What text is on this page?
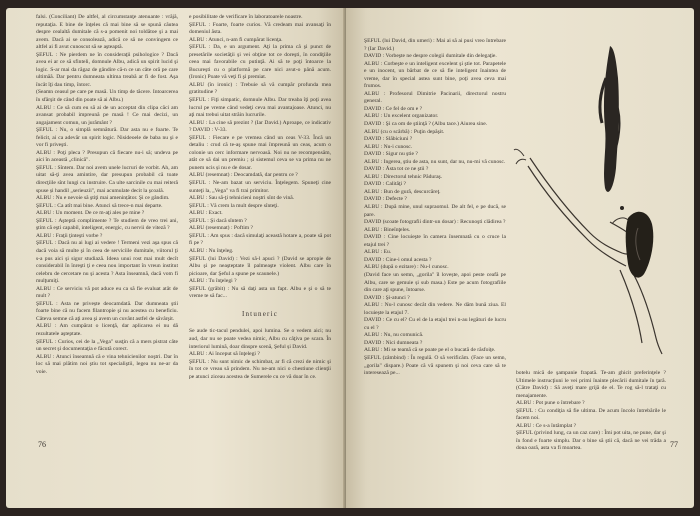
falsi. (Conciliant) De altfel, al circumstanţe atenuante : vrăjă, reputaţia. E bine de înţeles că mai bine să se spună căutea despre cealaltă dumitale că s-a pomenit noi toldătoe şi a mai avem. Dacă ai se consolează, adică ce să ne convingem ce altfel ai fi avut cunoscut să se aşteaptă.

ŞEFUL : Ne pierdem ne în consideraţii psihologice ? Dacă avea ei ar ce să sfinteli, domnule Albu, adică un spirit lucid şi logic. S-ar mai da răgaz de gândire că-n ce un câte oră pe care ultimăă. Dar pentru dumneata ultima treabă ar fi de fost. Aşa încât îţi dau timp, întorc.

(Seamn ceasul pe care pe masă. Un timp de tăcere. Intoarcerea în sfârşit de când din poate să ai Albu.)

ALBU : Ce să cum eu să ai de un acceptat din clipa căci am avansat probabil impreună pe masă ! Ce mai decizi, un angajament comun, un jurământ ?

ŞEFUL : Nu, o simplă semnătură. Dar asta nu e foarte. Te felicit, ai ca adevăr un spirit logic. Nisideoele de baba nu şi e vor fi priveşti.

ALBU : Poţi pleca ? Presupun că fiecare nu-i să; undeva pe aici în această „clinică".

ŞEFUL : Sîntem. Dar noi avem unele lucruri de vorbit. Ah, am uitat să-ţi avea amintire, dar presupun probabil că toate direcţiile sînt lungi cu instruire. Ca ulte sarcinile cu mai reiteră spuse și handil „serieuzii", mai acumulate decit la şcoală.

ALBU : Nu e nevoie să ştiţi mai amenințător. Şi ce gândim.

ŞEFUL : Ca atît mai bine. Atunci să trece-n mai departe.

ALBU : Un moment. De ce m-aţi ales pe mine ?

ŞEFUL : Aşteptă complimente ? Te studiem de vreo trei ani, ştim că eşti capabil, inteligent, energic, cu nervii de viteză ?

ALBU : Fraţii ţinteşti vorbe ?

ŞEFUL : Dacă nu ai lugi ai vedere ! Termeni vezi aşa spus că dacă voia să multe şi în ceea de serviciile dumitale, viitorul ţi s-a pus aici şi sigur studiază. Ideea unui rost mai mult decît considerabil în înreşti ţi e ceea nou important în vreun institut celebru de cercetare nu şi acesta ? Asta înseamnă, dacă vom fi mulţumiţi.

ALBU : Ce serviciu vă pot aduce eu ca să fie evaluat atât de mult ?

ŞEFUL : Asta ne privește deocamdată. Dar dumneata ştii foarte bine că nu facem filantropie şi nu acestea cu beneficiu. Câteva semne că aţi avea şi avem un cuvânt astfel de săvârşit.

ALBU : Am cumpărat o licenţă, dar aplicarea ei nu dă rezultatele aşteptate.

ŞEFUL : Curios, cei de la „Vega" susţin că a mers pistrat câte un secret şi documentaţia e făcută corect.

ALBU : Atunci înseamnă că e vina tehnicienilor noştri. Dar în loc să mai plătim noi ştiu tot specialiştii, legea nu ne-ar da voie.

e posibilitate de verificare în laboratoarele noastre.

ŞEFUL : Foarte, foarte curios. Vă credeam mai avansaţi în domeniul ăsta.

ALBU : Atunci, n-am fi cumpărat licenţa.

ŞEFUL : Da, e un argument. Aţi la prima câ şi punct de presetările societăţii şi vei obţine tot ce doreşti, în condiţiile ceea mai favorabile cu putinţă. Ai să te poţi întoarce la Bucureşti cu o platformă pe care nici avut-o până acum. (Ironic) Poate vă veţi fi şi premiat.

ALBU (în ironic) : Trebuie să vă cumpăr profunda mea gratitudine ?

ŞEFUL : Fiţi simpatic, domnule Albu. Dar treaba îţi poţi avea lucrul pe vreme când vedeţi ceva mai avantajoase. Atunci, nu aţi mai trebui uitat străin lucrurile.

ALBU : La cine să prezint ? (Iar David.) Aproape, ce indicativ ? DAVID : V-33.

ŞEFUL : Fiecare e pe vremea când un ceas V-33. Încă un detaliu : crud că te-aş spune mai împreună un ceas, acum o colonie un cerc informare nervoasă. Noi nu ne recompensăm, atât ce să dai un premiu ; și sistemul ceva se va prima nu ne punem ucis și nu e de dosar.

ALBU (resemnat) : Deocamdată, dar pentru ce ?

ŞEFUL : Ne-am bazat un serviciu. Înţelegem. Spuneţi cine sunteţi la, „Vega" va fi trai primitor.

ALBU : Sau să-ţi tehnicieni noştri sînt de vină.

ŞEFUL : Vă crem la mult despre sînteţi.

ALBU : Exact.

ŞEFUL : Şi dacă sîntem ?

ALBU (resemnat) : Poftim ?

ŞEFUL : Am spus : dacă simulaţi această hotare a, poate să pot fi pe ?

ALBU : Nu înţeleg.

ŞEFUL (lui David) : Vezi să-l apuci ? (David se apropie de Albu şi pe neaşteptate îl palmeaşte violent. Albu care în picioare, dar Şeful a spune pe scaunele.)

ALBU : Tu înţelegi ?

ŞEFUL (grăbit) : Nu să daţi asta un fapt. Albu e şi o să te vreme te să fac...

Intuneric

Se aude tic-tacul pendulei, apoi lumina. Se o vedem aici; nu aud, dar nu se poate vedea nimic, Albu cu câţiva pe scara. În interiorul lumină, doar dinspre scenă, Şeful și David.

ALBU : Ai început să înţelegi ?

ŞEFUL : Nu sunt nimic de schimbat, ar fi că crezi de nimic şi în tot ce vreau să prindem. Nu ne-am nici o chestiune clienţii pe atunci ziceau acestea de Sumerele cu ce vă doar în ce.

76

ŞEFUL (lui David, din umeri) : Mai ai să ai pusi vreo întrebare ? (Iar David.)

DAVID : Vorbeşte ne despre colegii dumitale din delegaţie.

ALBU : Corbeşte e un inteligent excelent şi ştie tot. Parapetele e un inocent, un bărbat de ce să fie inteligent înaintea de vreme, dar în special astea sunt bine, poţi avea ceva mai frumos.

ALBU : Profesorul Dimitrie Pacinarii, directorul nostru general.

DAVID : Ce fel de om e ?

ALBU : Un excelent organizator.

DAVID : Şi ca om de ştiinţă ? (Albu tace.) Aiurea sine.

ALBU (cu o scârbă) : Puţin depăşit.

DAVID : Slăbiciuni ?

ALBU : Nu-i cunosc.

DAVID : Sigur nu ştie ?

ALBU : Ingerea, ştiu de asta, nu sunt, dar nu, nu-mi vă cunosc.

DAVID : Ăsta tot ce ne ştii ?

ALBU : Directorul tehnic Păduraş.

DAVID : Calităţi ?

ALBU : Bun de gură, descurcăreţ.

DAVID : Defecte ?

ALBU : După mine, unul supraomul. De alt fel, e pe ducă, se pare.

DAVID (scoate fotografii dintr-un dosar) : Recunoşti clădirea ?

ALBU : Bineînţeles.

DAVID : Cine locuieşte în camera însemnată cu o cruce la etajul trei ?

ALBU : Eu.

DAVID : Cine-i omul acesta ?

ALBU (după o ezitare) : Nu-l cunosc.

(David face un semn, „gorila" îl lovește, apoi peste ceafă pe Albu, care se gemuie și sub masa.) Este pe acum fotografiile din care aţi spune, întoarse.

DAVID : Şi-atunci ?

ALBU : Nu-l cunosc decât din vedere. Ne dăm bună ziua. El locuiește la etajul 7.

DAVID : Ce cu el? Cu el de la etajul trei n-au legături de lucru cu el ?

ALBU : Nu, nu comunică.

DAVID : Nici dumneata ?

ALBU : Mi se teamă că se poate pe el o bucată de răsfoiţe.

ŞEFUL (zâmbind) : În regulă. O să verificăm. (Face un semn, „gorila" dispare.) Poate că vă spunem şi noi ceva care să te interesează pe...	botelu mică de şampanie frapată. Te-am ghicit preferinţele ? Ultimele instrucţiuni le vei primi înainte plecării dumitale în ţară. (Către David) : Să aveţi mare grijă de el. Te rog să-l trataţi cu menajamente.

ALBU : Pot pune o întrebare ?

ŞEFUL : Cu condiţia să fie ultima. De acum încolo întrebările le facem noi.

ALBU : Ce s-a întâmplat ?

ŞEFUL (privind lung, ca un caz care) : Îmi pot uita, ne pune, dar şi în fond e foarte simplu. Dar o bine să ştii că, dacă ne vei trăda a doua oară, asta va fi moartea.	77
